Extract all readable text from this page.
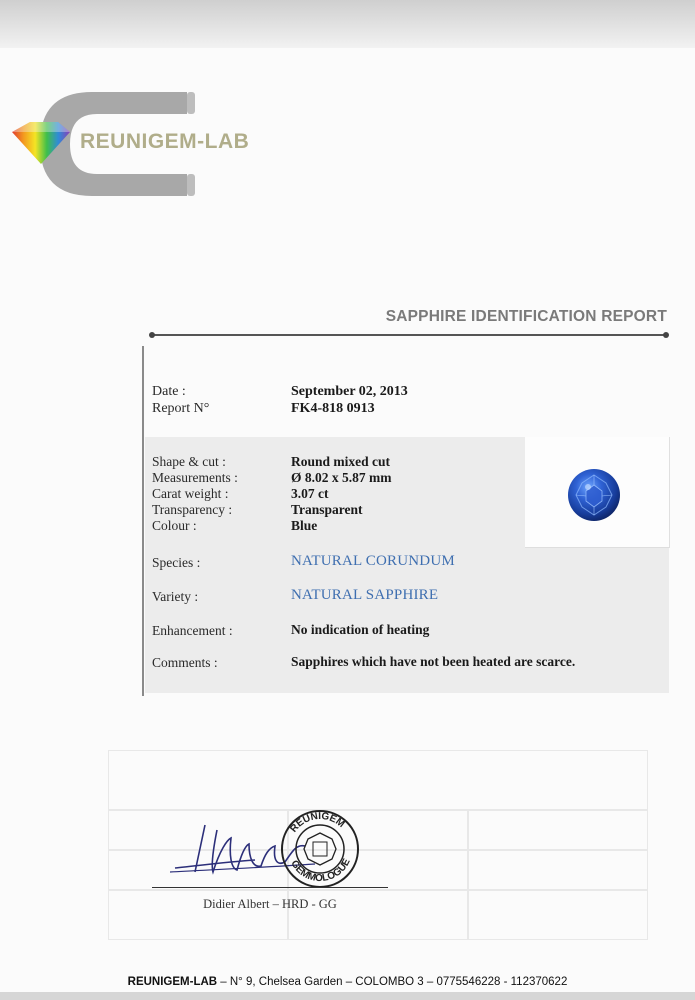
REUNIGEM-LAB
SAPPHIRE IDENTIFICATION REPORT
Date :	September 02, 2013
Report N°	FK4-818 0913
Shape & cut :	Round mixed cut
Measurements :	Ø 8.02 x 5.87 mm
Carat weight :	3.07 ct
Transparency :	Transparent
Colour :	Blue
Species :	NATURAL CORUNDUM
Variety :	NATURAL SAPPHIRE
Enhancement :	No indication of heating
Comments :	Sapphires which have not been heated are scarce.
REUNIGEM
GEMMOLOGUE
Didier Albert – HRD - GG
REUNIGEM-LAB – N° 9, Chelsea Garden – COLOMBO 3 – 0775546228 - 112370622
